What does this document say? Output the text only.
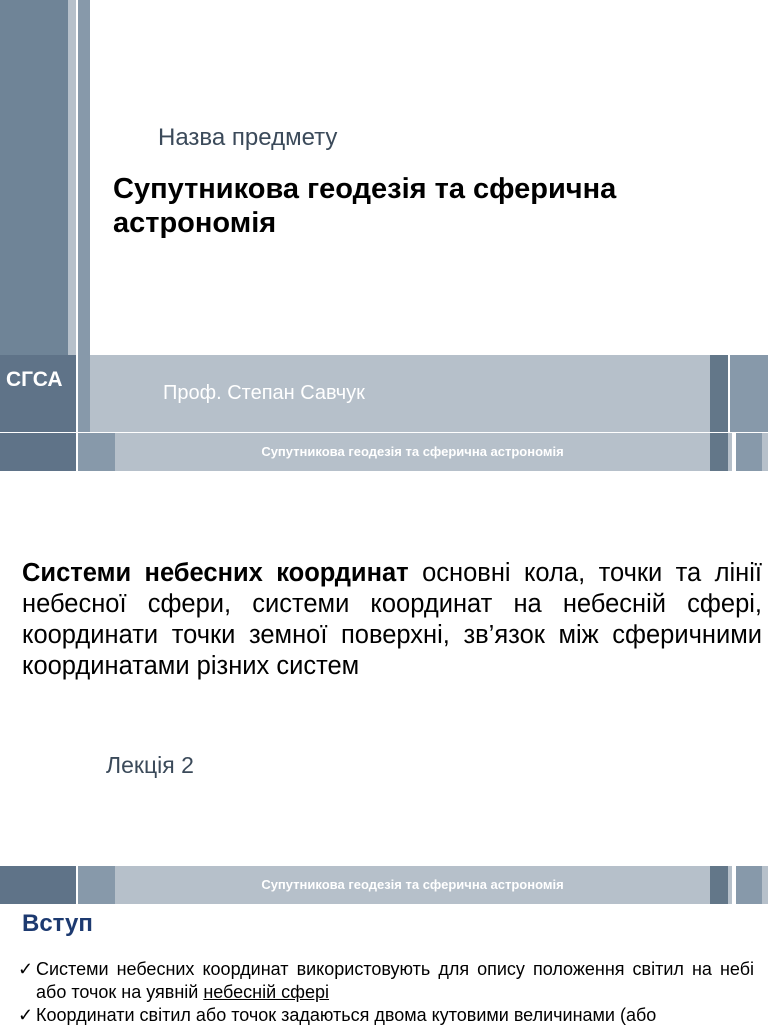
Назва предмету
Супутникова геодезія та сферична
астрономія
СГСА
Проф. Степан Савчук
Супутникова геодезія та сферична астрономія
Системи небесних координат основні кола, точки та лінії небесної сфери, системи координат на небесній сфері, координати точки земної поверхні, зв’язок між сферичними координатами різних систем
Лекція 2
Супутникова геодезія та сферична астрономія
Вступ
✓ Системи небесних координат використовують для опису положення світил на небі або точок на уявній небесній сфері
✓ Координати світил або точок задаються двома кутовими величинами (або
